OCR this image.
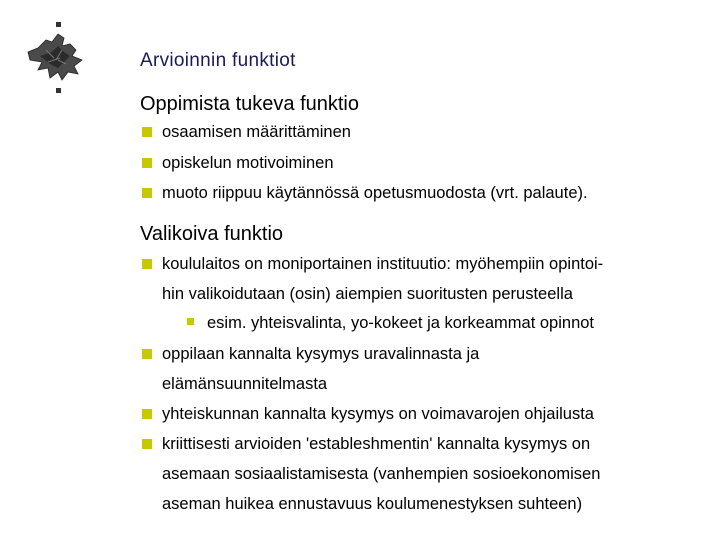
Arvioinnin funktiot
Oppimista tukeva funktio
osaamisen määrittäminen
opiskelun motivoiminen
muoto riippuu käytännössä opetusmuodosta (vrt. palaute).
Valikoiva funktio
koululaitos on moniportainen instituutio: myöhempiin opintoi-
hin valikoidutaan (osin) aiempien suoritusten perusteella
esim. yhteisvalinta, yo-kokeet ja korkeammat opinnot
oppilaan kannalta kysymys uravalinnasta ja
elämänsuunnitelmasta
yhteiskunnan kannalta kysymys on voimavarojen ohjailusta
kriittisesti arvioiden 'estableshmentin' kannalta kysymys on
asemaan sosiaalistamisesta (vanhempien sosioekonomisen
aseman huikea ennustavuus koulumenestyksen suhteen)
